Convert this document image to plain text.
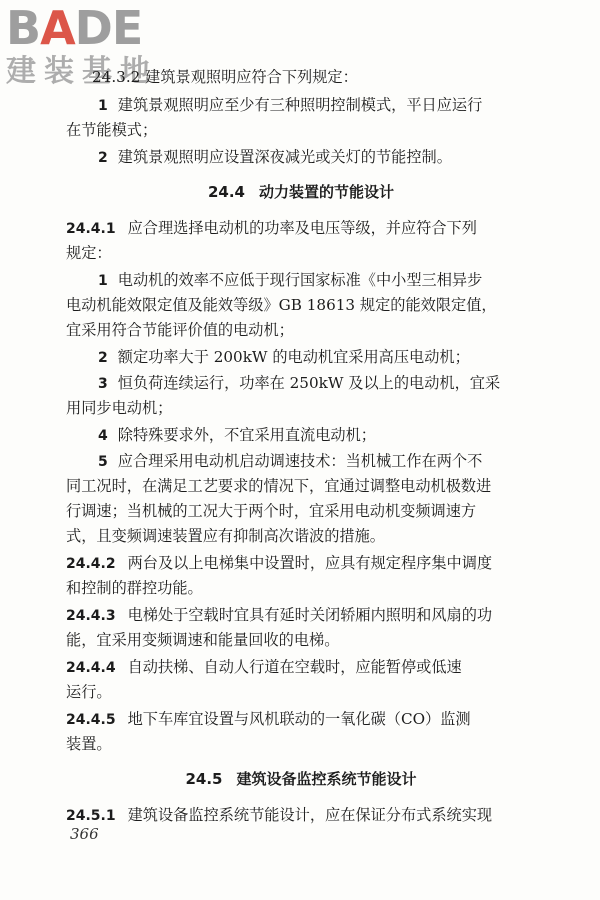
BADE
建装基地
24.3.2 建筑景观照明应符合下列规定：
1 建筑景观照明应至少有三种照明控制模式，平日应运行
在节能模式；
2 建筑景观照明应设置深夜减光或关灯的节能控制。
24.4 动力装置的节能设计
24.4.1 应合理选择电动机的功率及电压等级，并应符合下列
规定：
1 电动机的效率不应低于现行国家标准《中小型三相异步
电动机能效限定值及能效等级》GB 18613 规定的能效限定值，
宜采用符合节能评价值的电动机；
2 额定功率大于 200kW 的电动机宜采用高压电动机；
3 恒负荷连续运行，功率在 250kW 及以上的电动机，宜采
用同步电动机；
4 除特殊要求外，不宜采用直流电动机；
5 应合理采用电动机启动调速技术：当机械工作在两个不
同工况时，在满足工艺要求的情况下，宜通过调整电动机极数进
行调速；当机械的工况大于两个时，宜采用电动机变频调速方
式，且变频调速装置应有抑制高次谐波的措施。
24.4.2 两台及以上电梯集中设置时，应具有规定程序集中调度
和控制的群控功能。
24.4.3 电梯处于空载时宜具有延时关闭轿厢内照明和风扇的功
能，宜采用变频调速和能量回收的电梯。
24.4.4 自动扶梯、自动人行道在空载时，应能暂停或低速
运行。
24.4.5 地下车库宜设置与风机联动的一氧化碳（CO）监测
装置。
24.5 建筑设备监控系统节能设计
24.5.1 建筑设备监控系统节能设计，应在保证分布式系统实现
366
